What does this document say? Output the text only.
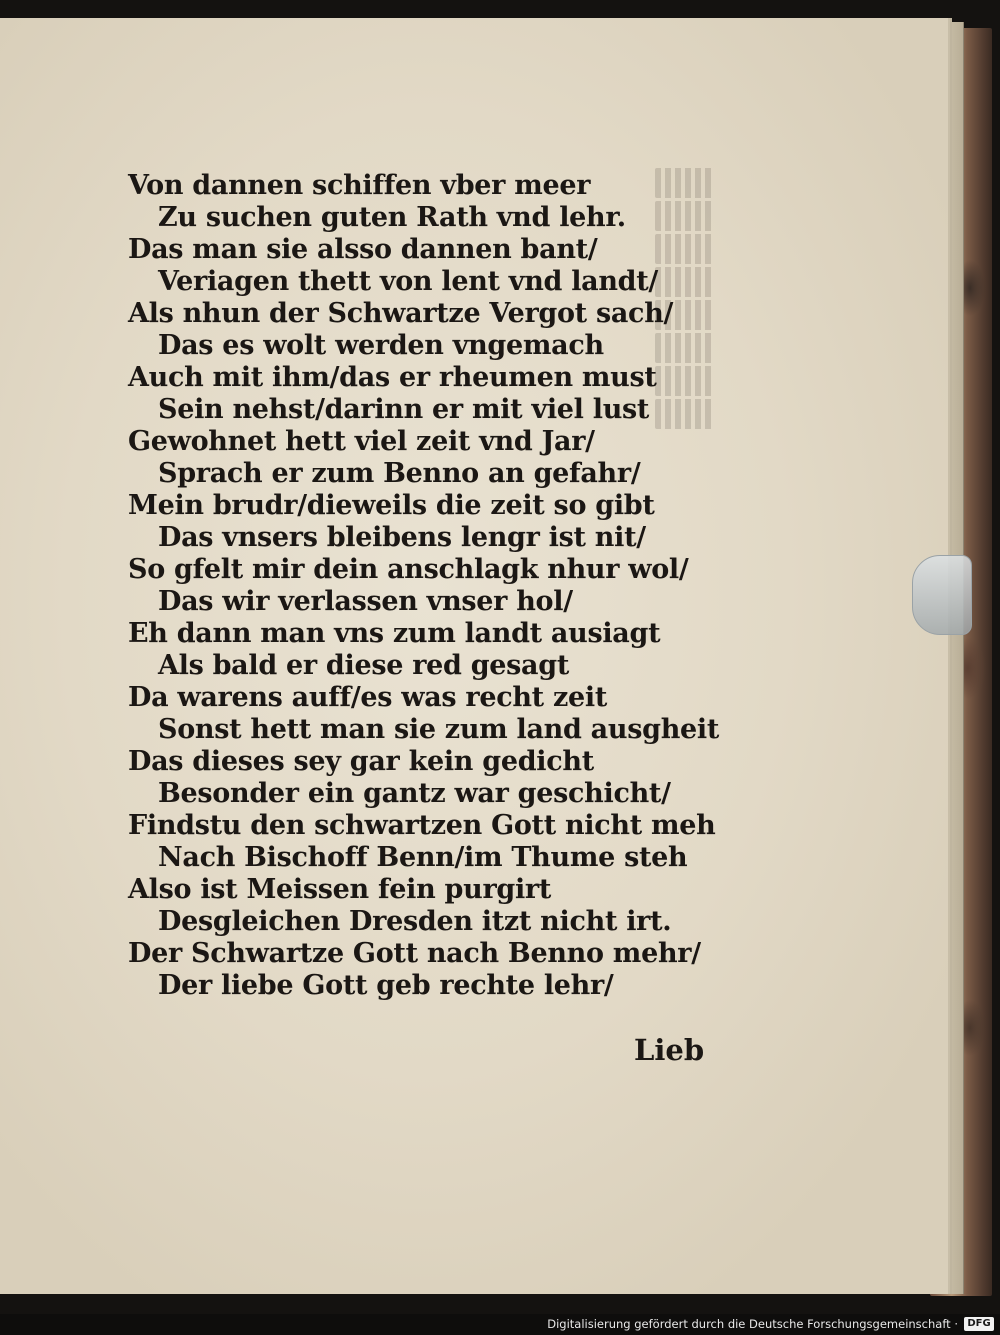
Von dannen schiffen vber meer
Zu suchen guten Rath vnd lehr.
Das man sie alsso dannen bant/
Veriagen thett von lent vnd landt/
Als nhun der Schwartze Vergot sach/
Das es wolt werden vngemach
Auch mit ihm/das er rheumen must
Sein nehst/darinn er mit viel lust
Gewohnet hett viel zeit vnd Jar/
Sprach er zum Benno an gefahr/
Mein brudr/dieweils die zeit so gibt
Das vnsers bleibens lengr ist nit/
So gfelt mir dein anschlagk nhur wol/
Das wir verlassen vnser hol/
Eh dann man vns zum landt ausiagt
Als bald er diese red gesagt
Da warens auff/es was recht zeit
Sonst hett man sie zum land ausgheit
Das dieses sey gar kein gedicht
Besonder ein gantz war geschicht/
Findstu den schwartzen Gott nicht meh
Nach Bischoff Benn/im Thume steh
Also ist Meissen fein purgirt
Desgleichen Dresden itzt nicht irt.
Der Schwartze Gott nach Benno mehr/
Der liebe Gott geb rechte lehr/
Lieb
Digitalisierung gefördert durch die Deutsche Forschungsgemeinschaft · DFG
